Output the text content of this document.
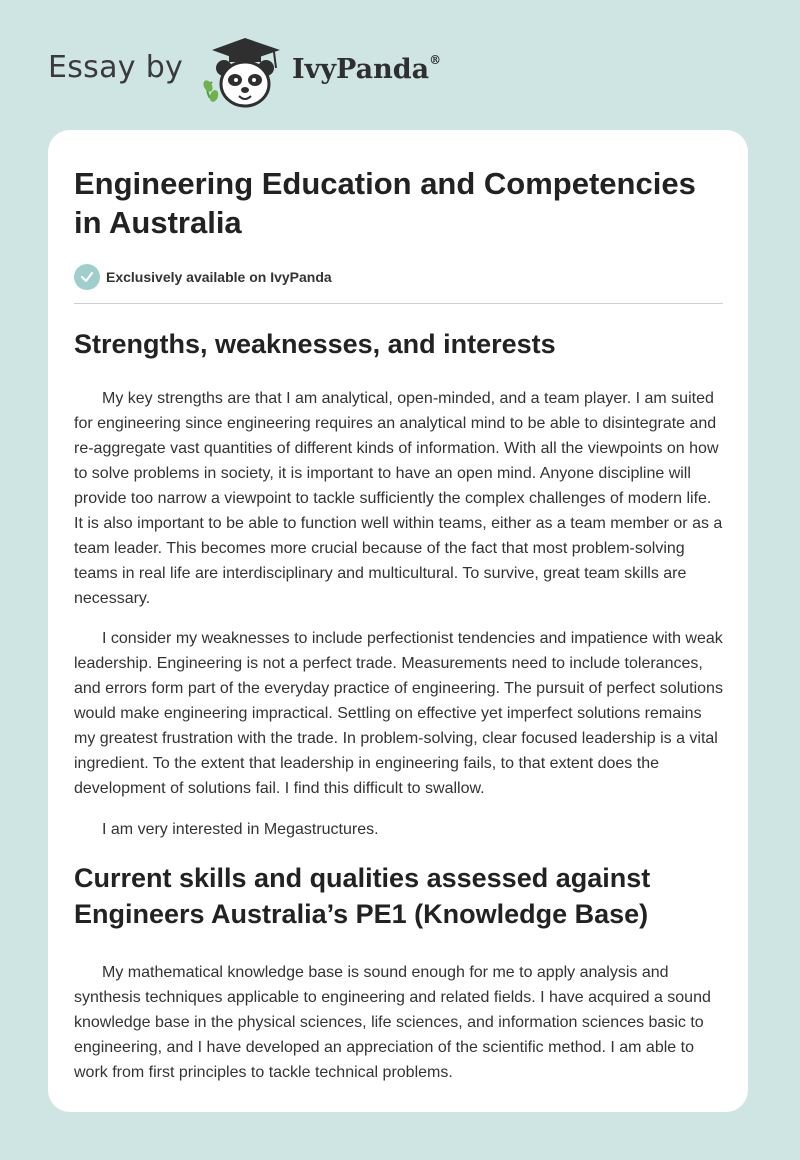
Essay by	IvyPanda®
Engineering Education and Competencies in Australia
Exclusively available on IvyPanda
Strengths, weaknesses, and interests

My key strengths are that I am analytical, open-minded, and a team player. I am suited for engineering since engineering requires an analytical mind to be able to disintegrate and re-aggregate vast quantities of different kinds of information. With all the viewpoints on how to solve problems in society, it is important to have an open mind. Anyone discipline will provide too narrow a viewpoint to tackle sufficiently the complex challenges of modern life. It is also important to be able to function well within teams, either as a team member or as a team leader. This becomes more crucial because of the fact that most problem-solving teams in real life are interdisciplinary and multicultural. To survive, great team skills are necessary.

I consider my weaknesses to include perfectionist tendencies and impatience with weak leadership. Engineering is not a perfect trade. Measurements need to include tolerances, and errors form part of the everyday practice of engineering. The pursuit of perfect solutions would make engineering impractical. Settling on effective yet imperfect solutions remains my greatest frustration with the trade. In problem-solving, clear focused leadership is a vital ingredient. To the extent that leadership in engineering fails, to that extent does the development of solutions fail. I find this difficult to swallow.

I am very interested in Megastructures.

Current skills and qualities assessed against Engineers Australia’s PE1 (Knowledge Base)

My mathematical knowledge base is sound enough for me to apply analysis and synthesis techniques applicable to engineering and related fields. I have acquired a sound knowledge base in the physical sciences, life sciences, and information sciences basic to engineering, and I have developed an appreciation of the scientific method. I am able to work from first principles to tackle technical problems.
